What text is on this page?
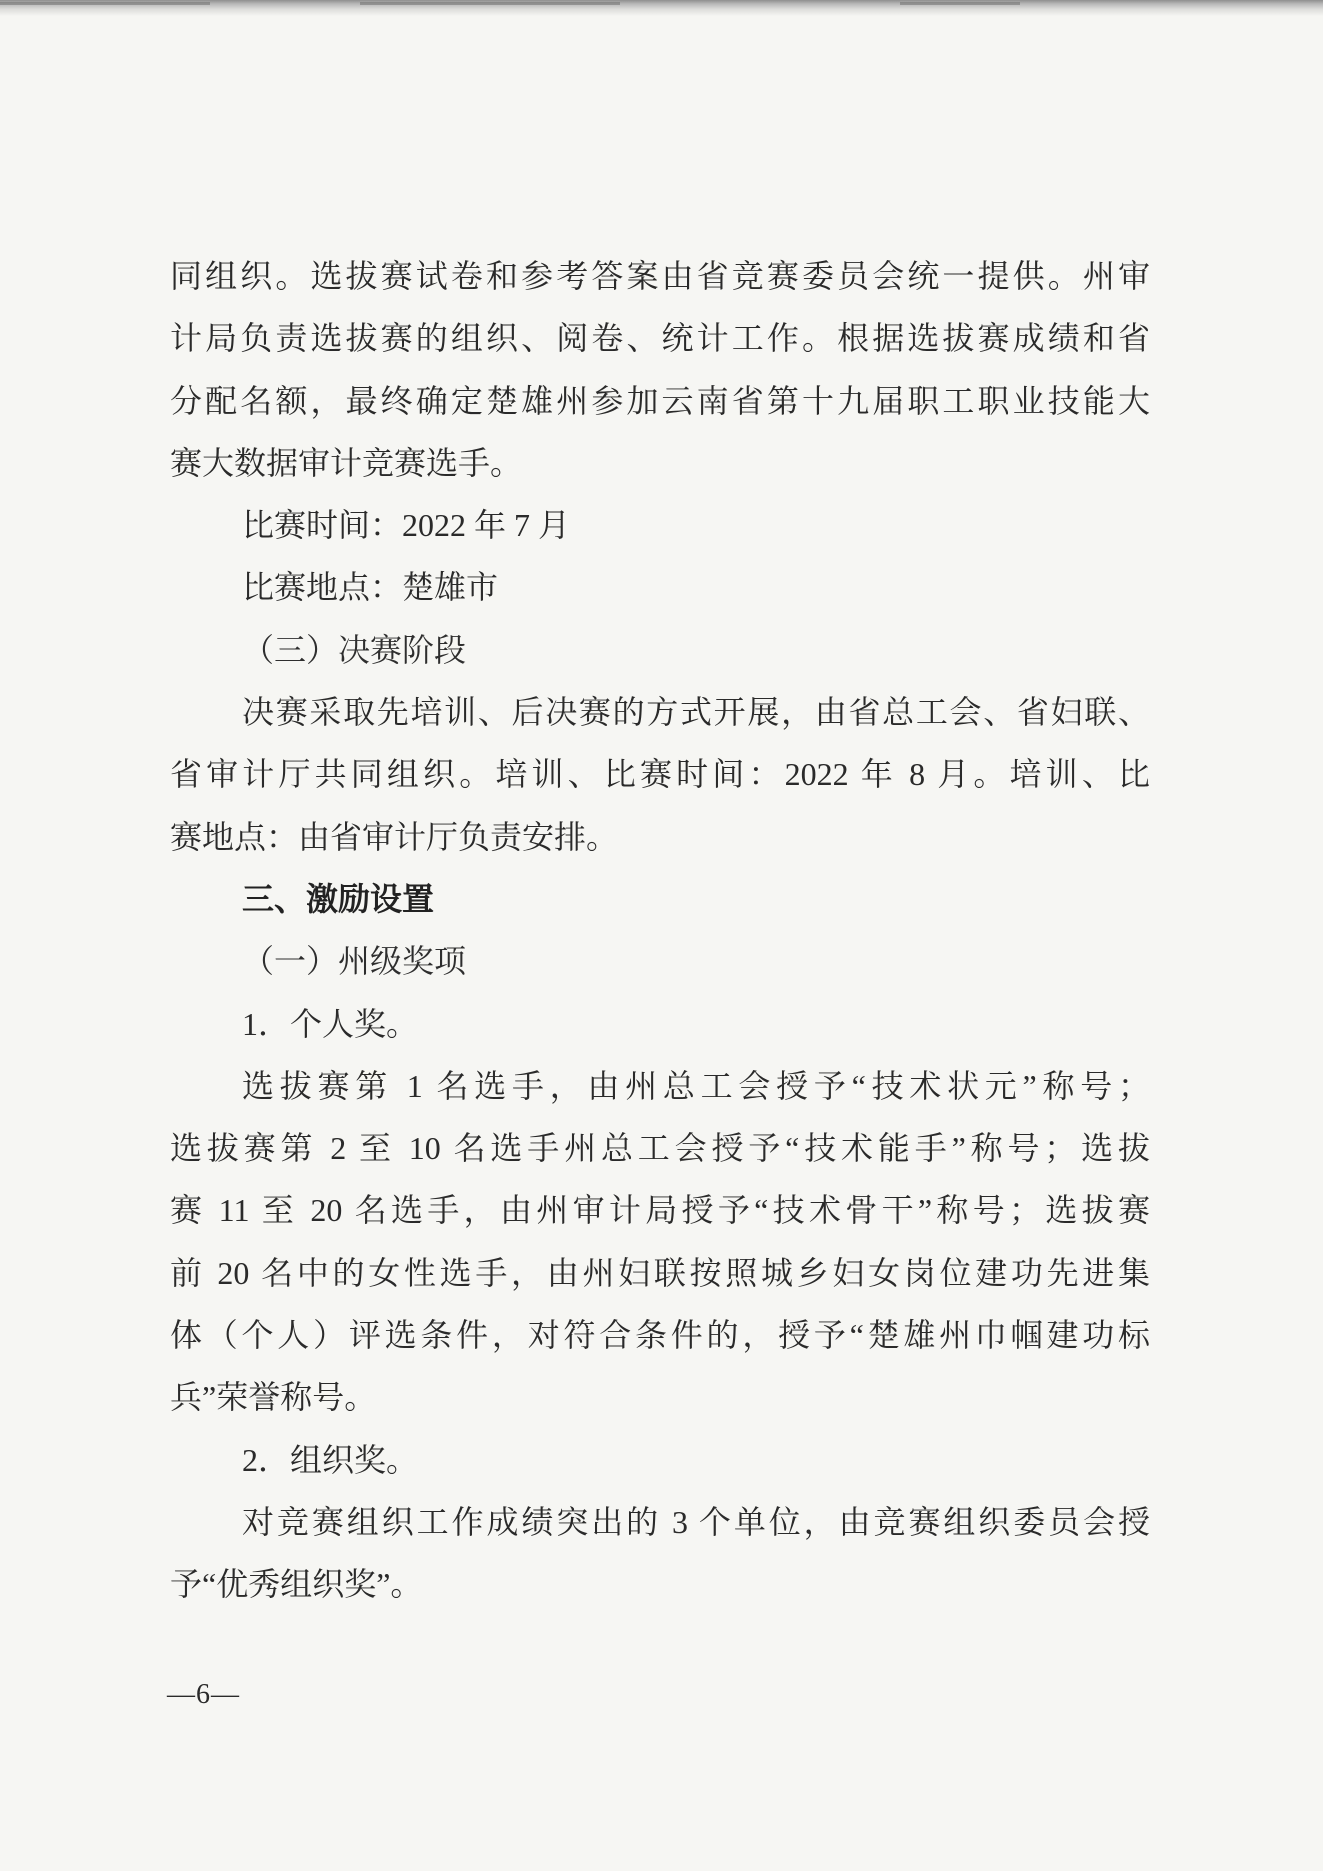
同组织。选拔赛试卷和参考答案由省竞赛委员会统一提供。州审
计局负责选拔赛的组织、阅卷、统计工作。根据选拔赛成绩和省
分配名额，最终确定楚雄州参加云南省第十九届职工职业技能大
赛大数据审计竞赛选手。
比赛时间：2022 年 7 月
比赛地点：楚雄市
（三）决赛阶段
决赛采取先培训、后决赛的方式开展，由省总工会、省妇联、
省审计厅共同组织。培训、比赛时间：2022 年 8 月。培训、比
赛地点：由省审计厅负责安排。
三、激励设置
（一）州级奖项
1．个人奖。
选拔赛第 1 名选手，由州总工会授予“技术状元”称号；
选拔赛第 2 至 10 名选手州总工会授予“技术能手”称号；选拔
赛 11 至 20 名选手，由州审计局授予“技术骨干”称号；选拔赛
前 20 名中的女性选手，由州妇联按照城乡妇女岗位建功先进集
体（个人）评选条件，对符合条件的，授予“楚雄州巾帼建功标
兵”荣誉称号。
2．组织奖。
对竞赛组织工作成绩突出的 3 个单位，由竞赛组织委员会授
予“优秀组织奖”。
—6—
